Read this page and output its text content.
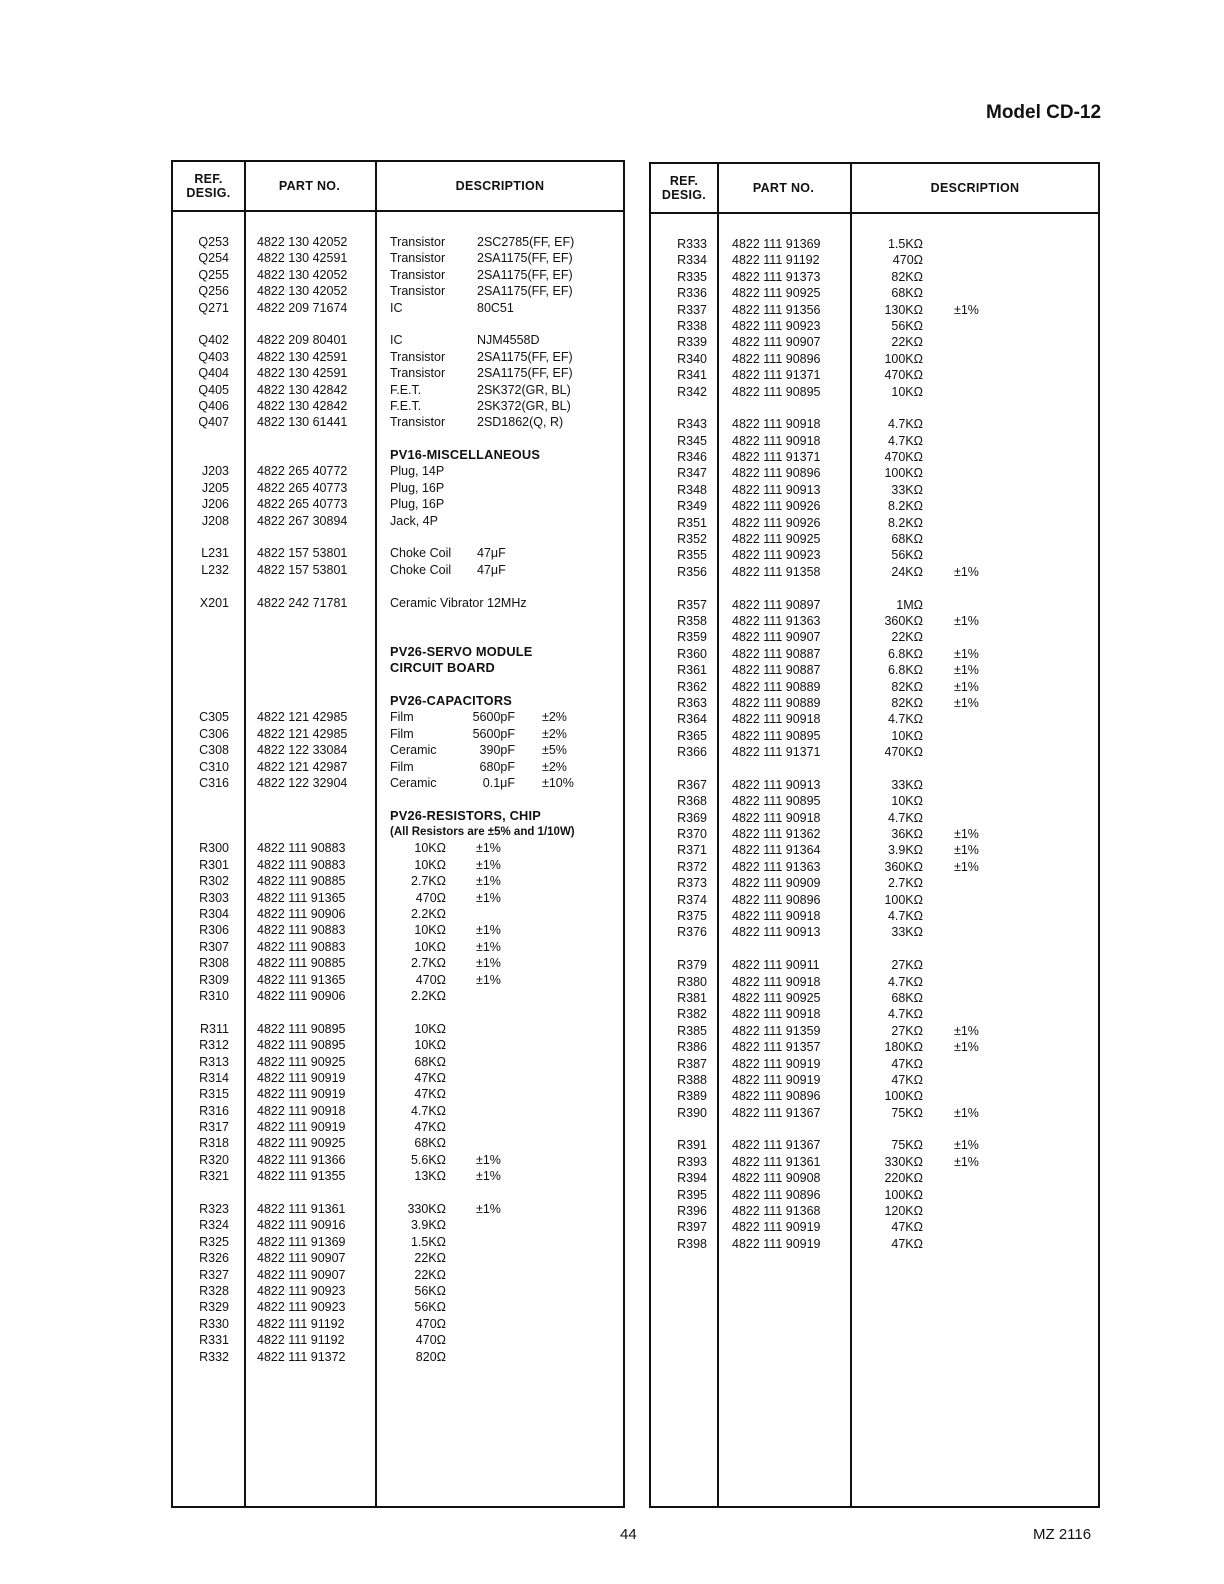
Model CD-12
REF.
DESIG.	PART NO.	DESCRIPTION
Q253 4822 130 42052	Transistor	2SC2785(FF, EF)
Q254 4822 130 42591	Transistor	2SA1175(FF, EF)
Q255 4822 130 42052	Transistor	2SA1175(FF, EF)
Q256 4822 130 42052	Transistor	2SA1175(FF, EF)
Q271 4822 209 71674	IC	80C51
Q402 4822 209 80401	IC	NJM4558D
Q403 4822 130 42591	Transistor	2SA1175(FF, EF)
Q404 4822 130 42591	Transistor	2SA1175(FF, EF)
Q405 4822 130 42842	F.E.T.	2SK372(GR, BL)
Q406 4822 130 42842	F.E.T.	2SK372(GR, BL)
Q407 4822 130 61441	Transistor	2SD1862(Q, R)
PV16-MISCELLANEOUS
J203 4822 265 40772	Plug, 14P
J205 4822 265 40773	Plug, 16P
J206 4822 265 40773	Plug, 16P
J208 4822 267 30894	Jack, 4P
L231 4822 157 53801	Choke Coil 47μF
L232 4822 157 53801	Choke Coil 47μF
X201 4822 242 71781	Ceramic Vibrator 12MHz
PV26-SERVO MODULE
CIRCUIT BOARD
PV26-CAPACITORS
C305 4822 121 42985	Film	5600pF ±2%
C306 4822 121 42985	Film	5600pF ±2%
C308 4822 122 33084	Ceramic	390pF ±5%
C310 4822 121 42987	Film	680pF ±2%
C316 4822 122 32904	Ceramic	0.1μF ±10%
PV26-RESISTORS, CHIP
(All Resistors are ±5% and 1/10W)
R300 4822 111 90883	10KΩ ±1%
R301 4822 111 90883	10KΩ ±1%
R302 4822 111 90885	2.7KΩ ±1%
R303 4822 111 91365	470Ω ±1%
R304 4822 111 90906	2.2KΩ
R306 4822 111 90883	10KΩ ±1%
R307 4822 111 90883	10KΩ ±1%
R308 4822 111 90885	2.7KΩ ±1%
R309 4822 111 91365	470Ω ±1%
R310 4822 111 90906	2.2KΩ
R311 4822 111 90895	10KΩ
R312 4822 111 90895	10KΩ
R313 4822 111 90925	68KΩ
R314 4822 111 90919	47KΩ
R315 4822 111 90919	47KΩ
R316 4822 111 90918	4.7KΩ
R317 4822 111 90919	47KΩ
R318 4822 111 90925	68KΩ
R320 4822 111 91366	5.6KΩ ±1%
R321 4822 111 91355	13KΩ ±1%
R323 4822 111 91361	330KΩ ±1%
R324 4822 111 90916	3.9KΩ
R325 4822 111 91369	1.5KΩ
R326 4822 111 90907	22KΩ
R327 4822 111 90907	22KΩ
R328 4822 111 90923	56KΩ
R329 4822 111 90923	56KΩ
R330 4822 111 91192	470Ω
R331 4822 111 91192	470Ω
R332 4822 111 91372	820Ω
REF.
DESIG.	PART NO.	DESCRIPTION
R333 4822 111 91369	1.5KΩ
R334 4822 111 91192	470Ω
R335 4822 111 91373	82KΩ
R336 4822 111 90925	68KΩ
R337 4822 111 91356	130KΩ ±1%
R338 4822 111 90923	56KΩ
R339 4822 111 90907	22KΩ
R340 4822 111 90896	100KΩ
R341 4822 111 91371	470KΩ
R342 4822 111 90895	10KΩ
R343 4822 111 90918	4.7KΩ
R345 4822 111 90918	4.7KΩ
R346 4822 111 91371	470KΩ
R347 4822 111 90896	100KΩ
R348 4822 111 90913	33KΩ
R349 4822 111 90926	8.2KΩ
R351 4822 111 90926	8.2KΩ
R352 4822 111 90925	68KΩ
R355 4822 111 90923	56KΩ
R356 4822 111 91358	24KΩ ±1%
R357 4822 111 90897	1MΩ
R358 4822 111 91363	360KΩ ±1%
R359 4822 111 90907	22KΩ
R360 4822 111 90887	6.8KΩ ±1%
R361 4822 111 90887	6.8KΩ ±1%
R362 4822 111 90889	82KΩ ±1%
R363 4822 111 90889	82KΩ ±1%
R364 4822 111 90918	4.7KΩ
R365 4822 111 90895	10KΩ
R366 4822 111 91371	470KΩ
R367 4822 111 90913	33KΩ
R368 4822 111 90895	10KΩ
R369 4822 111 90918	4.7KΩ
R370 4822 111 91362	36KΩ ±1%
R371 4822 111 91364	3.9KΩ ±1%
R372 4822 111 91363	360KΩ ±1%
R373 4822 111 90909	2.7KΩ
R374 4822 111 90896	100KΩ
R375 4822 111 90918	4.7KΩ
R376 4822 111 90913	33KΩ
R379 4822 111 90911	27KΩ
R380 4822 111 90918	4.7KΩ
R381 4822 111 90925	68KΩ
R382 4822 111 90918	4.7KΩ
R385 4822 111 91359	27KΩ ±1%
R386 4822 111 91357	180KΩ ±1%
R387 4822 111 90919	47KΩ
R388 4822 111 90919	47KΩ
R389 4822 111 90896	100KΩ
R390 4822 111 91367	75KΩ ±1%
R391 4822 111 91367	75KΩ ±1%
R393 4822 111 91361	330KΩ ±1%
R394 4822 111 90908	220KΩ
R395 4822 111 90896	100KΩ
R396 4822 111 91368	120KΩ
R397 4822 111 90919	47KΩ
R398 4822 111 90919	47KΩ
44	MZ 2116
